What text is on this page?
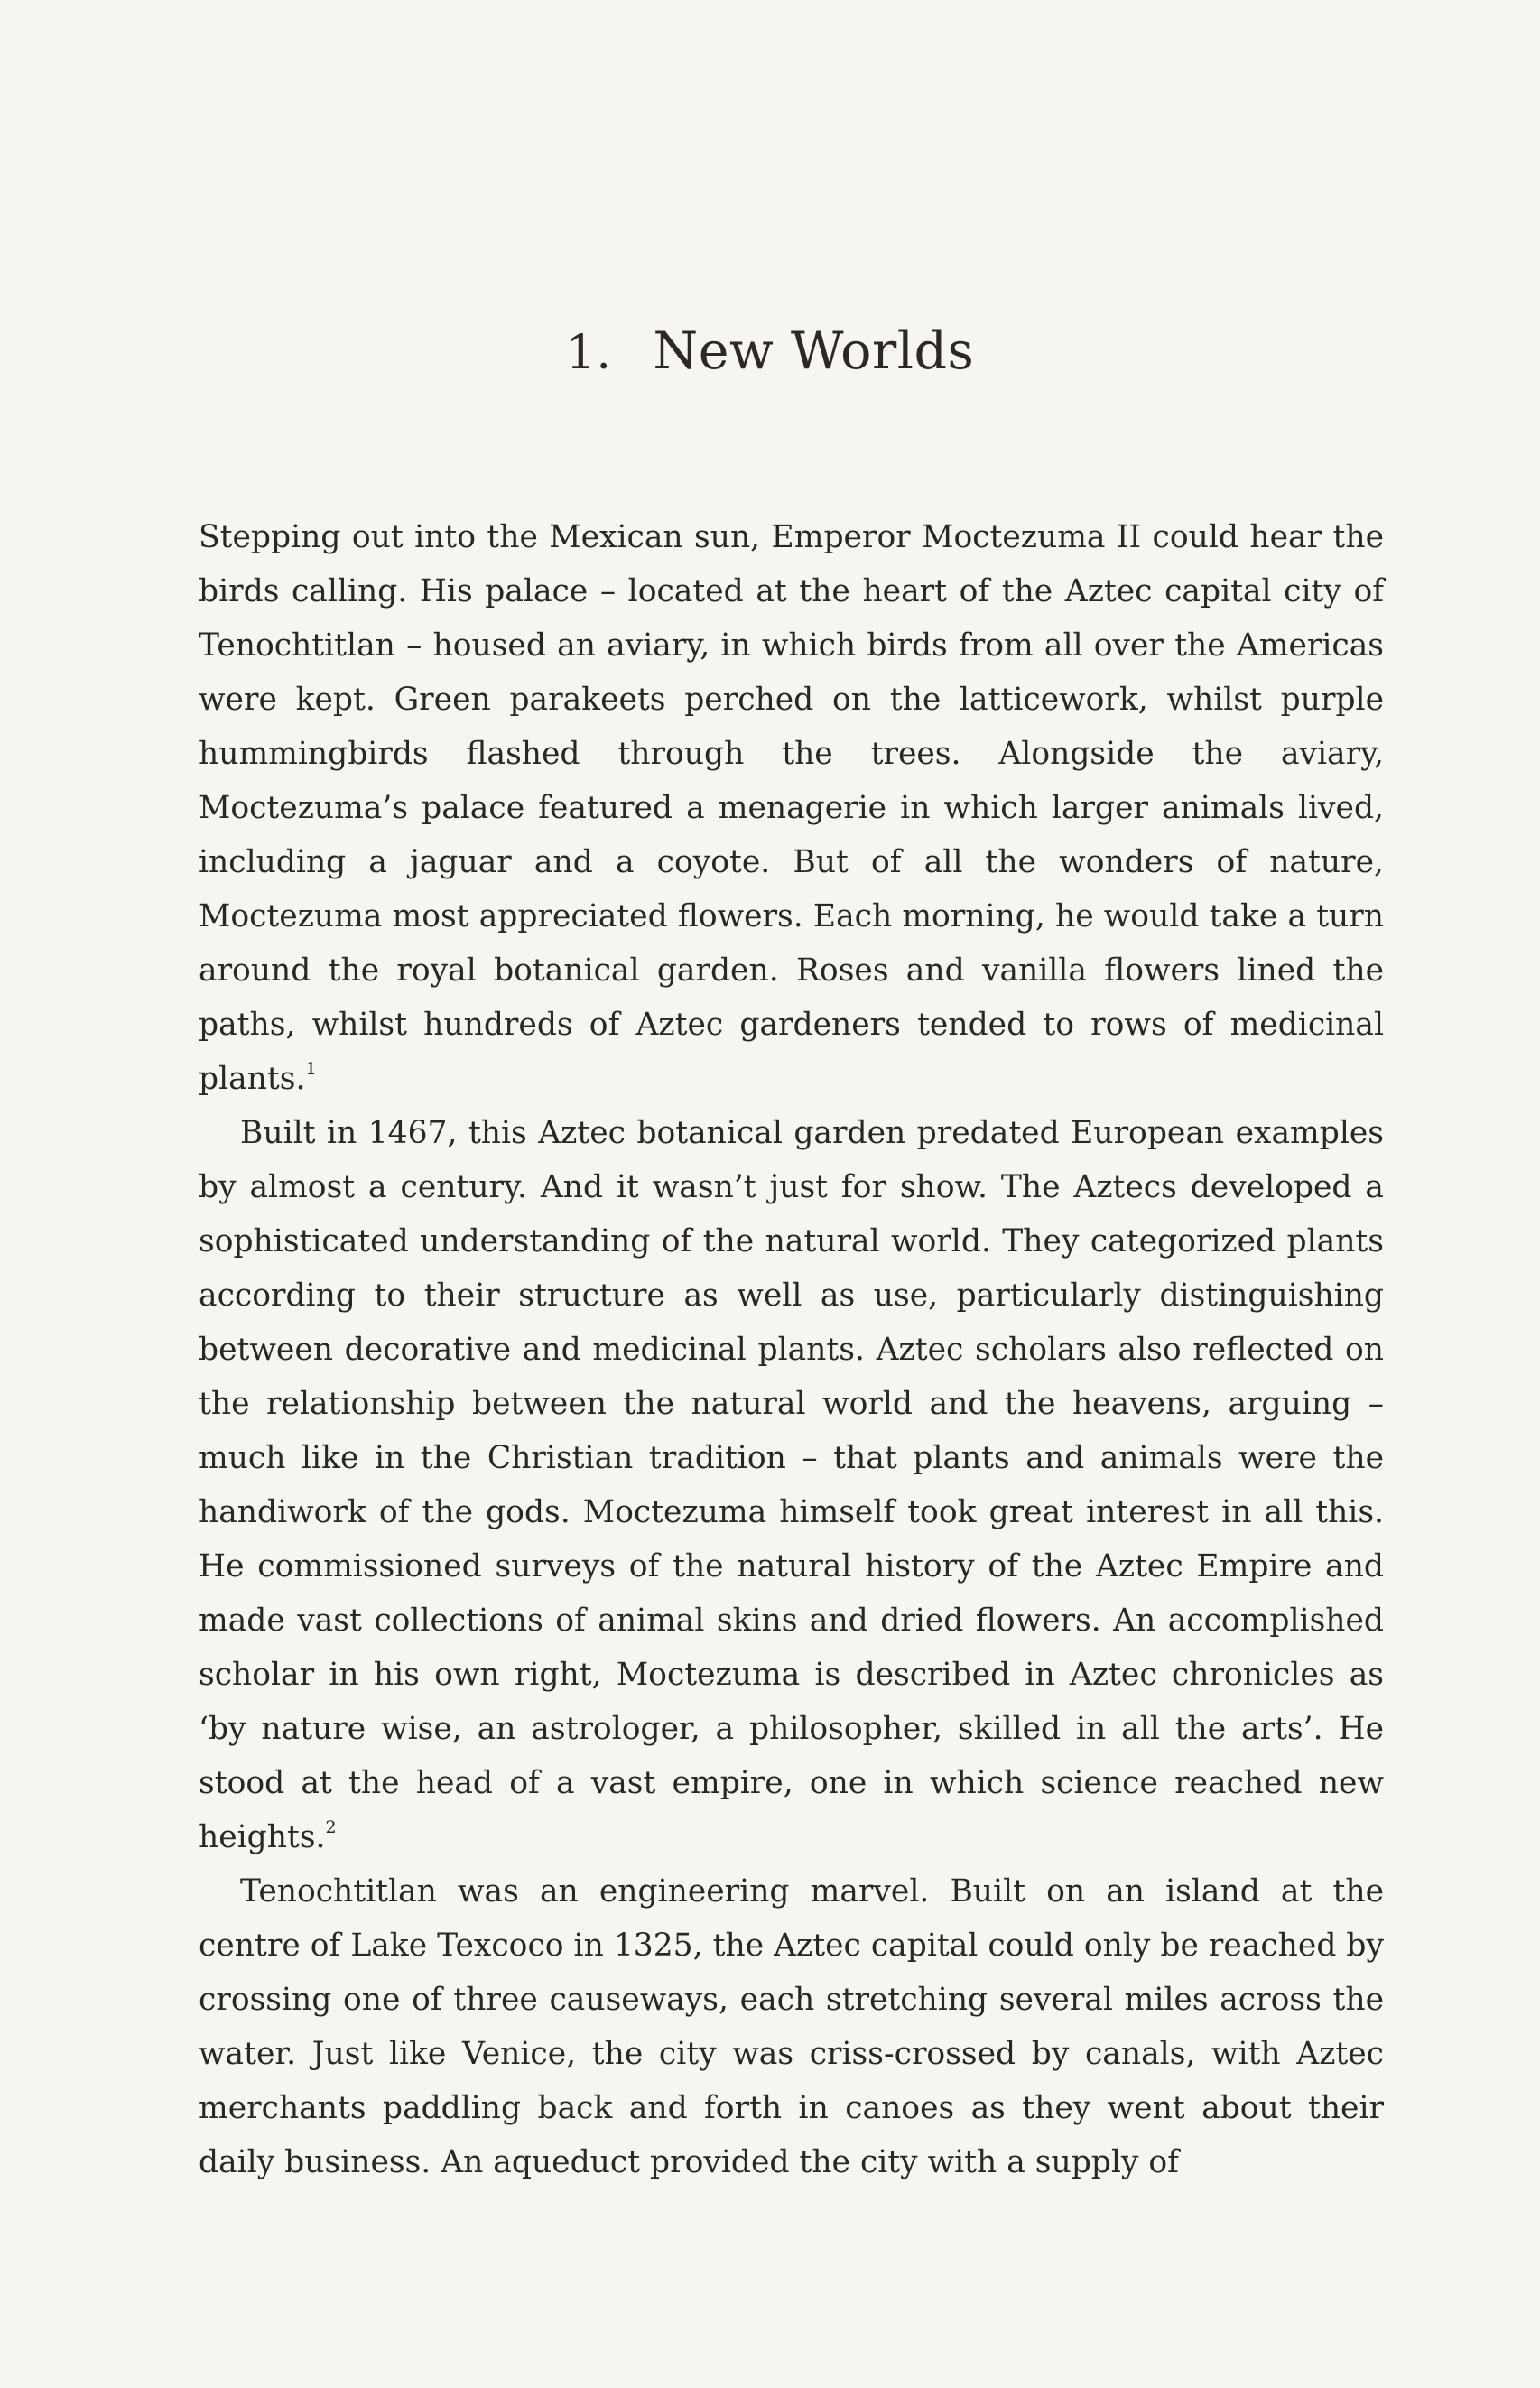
1. New Worlds

Stepping out into the Mexican sun, Emperor Moctezuma II could hear the birds calling. His palace – located at the heart of the Aztec capital city of Tenochtitlan – housed an aviary, in which birds from all over the Americas were kept. Green parakeets perched on the latticework, whilst purple hummingbirds flashed through the trees. Alongside the aviary, Moctezuma’s palace featured a menagerie in which larger animals lived, including a jaguar and a coyote. But of all the wonders of nature, Moctezuma most appreciated flowers. Each morning, he would take a turn around the royal botanical garden. Roses and vanilla flowers lined the paths, whilst hundreds of Aztec gardeners tended to rows of medicinal plants.$^1$

Built in 1467, this Aztec botanical garden predated European examples by almost a century. And it wasn’t just for show. The Aztecs developed a sophisticated understanding of the natural world. They categorized plants according to their structure as well as use, particularly distinguishing between decorative and medicinal plants. Aztec scholars also reflected on the relationship between the natural world and the heavens, arguing – much like in the Christian tradition – that plants and animals were the handiwork of the gods. Moctezuma himself took great interest in all this. He commissioned surveys of the natural history of the Aztec Empire and made vast collections of animal skins and dried flowers. An accomplished scholar in his own right, Moctezuma is described in Aztec chronicles as ‘by nature wise, an astrologer, a philosopher, skilled in all the arts’. He stood at the head of a vast empire, one in which science reached new heights.$^2$

Tenochtitlan was an engineering marvel. Built on an island at the centre of Lake Texcoco in 1325, the Aztec capital could only be reached by crossing one of three causeways, each stretching several miles across the water. Just like Venice, the city was criss-crossed by canals, with Aztec merchants paddling back and forth in canoes as they went about their daily business. An aqueduct provided the city with a supply of
